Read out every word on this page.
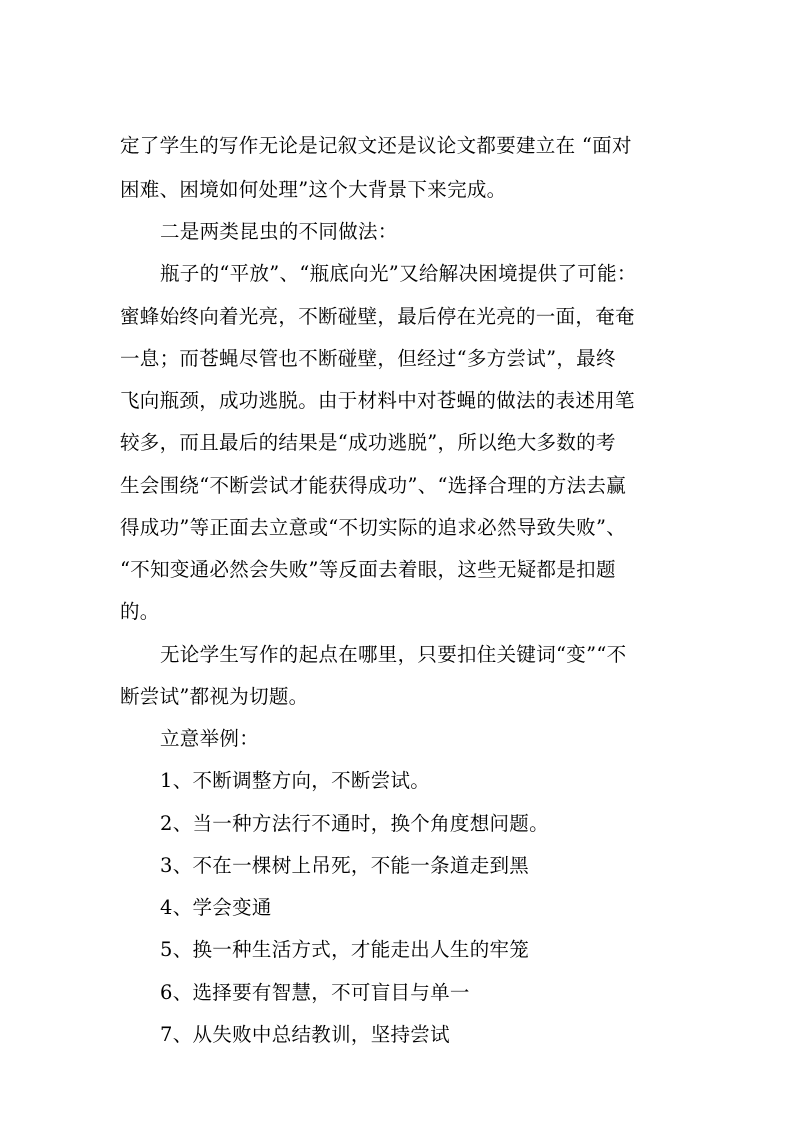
定了学生的写作无论是记叙文还是议论文都要建立在 “面对
困难、困境如何处理”这个大背景下来完成。
二是两类昆虫的不同做法：
瓶子的“平放”、“瓶底向光”又给解决困境提供了可能：
蜜蜂始终向着光亮，不断碰壁，最后停在光亮的一面，奄奄
一息；而苍蝇尽管也不断碰壁，但经过“多方尝试”，最终
飞向瓶颈，成功逃脱。由于材料中对苍蝇的做法的表述用笔
较多，而且最后的结果是“成功逃脱”，所以绝大多数的考
生会围绕“不断尝试才能获得成功”、“选择合理的方法去赢
得成功”等正面去立意或“不切实际的追求必然导致失败”、
“不知变通必然会失败”等反面去着眼，这些无疑都是扣题
的。
无论学生写作的起点在哪里，只要扣住关键词“变”“不
断尝试”都视为切题。
立意举例：
1、不断调整方向，不断尝试。
2、当一种方法行不通时，换个角度想问题。
3、不在一棵树上吊死，不能一条道走到黑
4、学会变通
5、换一种生活方式，才能走出人生的牢笼
6、选择要有智慧，不可盲目与单一
7、从失败中总结教训，坚持尝试
